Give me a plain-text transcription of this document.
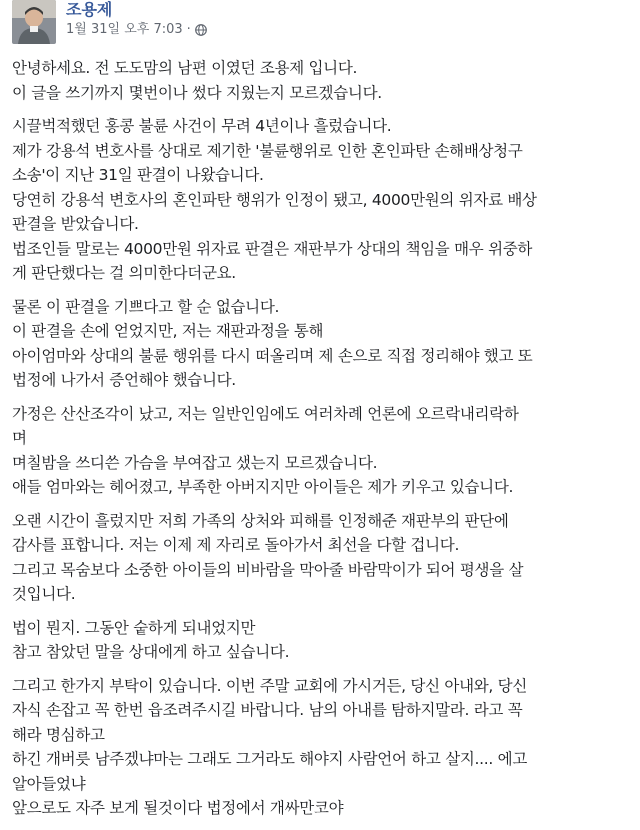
조용제
1월 31일 오후 7:03 ·
안녕하세요. 전 도도맘의 남편 이였던 조용제 입니다.
이 글을 쓰기까지 몇번이나 썼다 지웠는지 모르겠습니다.
시끌벅적했던 홍콩 불륜 사건이 무려 4년이나 흘렀습니다.
제가 강용석 변호사를 상대로 제기한 '불륜행위로 인한 혼인파탄 손해배상청구
소송'이 지난 31일 판결이 나왔습니다.
당연히 강용석 변호사의 혼인파탄 행위가 인정이 됐고, 4000만원의 위자료 배상
판결을 받았습니다.
법조인들 말로는 4000만원 위자료 판결은 재판부가 상대의 책임을 매우 위중하
게 판단했다는 걸 의미한다더군요.
물론 이 판결을 기쁘다고 할 순 없습니다.
이 판결을 손에 얻었지만, 저는 재판과정을 통해
아이엄마와 상대의 불륜 행위를 다시 떠올리며 제 손으로 직접 정리해야 했고 또
법정에 나가서 증언해야 했습니다.
가정은 산산조각이 났고, 저는 일반인임에도 여러차례 언론에 오르락내리락하
며
며칠밤을 쓰디쓴 가슴을 부여잡고 샜는지 모르겠습니다.
애들 엄마와는 헤어졌고, 부족한 아버지지만 아이들은 제가 키우고 있습니다.
오랜 시간이 흘렀지만 저희 가족의 상처와 피해를 인정해준 재판부의 판단에
감사를 표합니다. 저는 이제 제 자리로 돌아가서 최선을 다할 겁니다.
그리고 목숨보다 소중한 아이들의 비바람을 막아줄 바람막이가 되어 평생을 살
것입니다.
법이 뭔지. 그동안 숱하게 되내었지만
참고 참았던 말을 상대에게 하고 싶습니다.
그리고 한가지 부탁이 있습니다. 이번 주말 교회에 가시거든, 당신 아내와, 당신
자식 손잡고 꼭 한번 읍조려주시길 바랍니다. 남의 아내를 탐하지말라. 라고 꼭
해라 명심하고
하긴 개버릇 남주겠냐마는 그래도 그거라도 해야지 사람언어 하고 살지.... 에고
알아들었냐
앞으로도 자주 보게 될것이다 법정에서 개싸만코야
